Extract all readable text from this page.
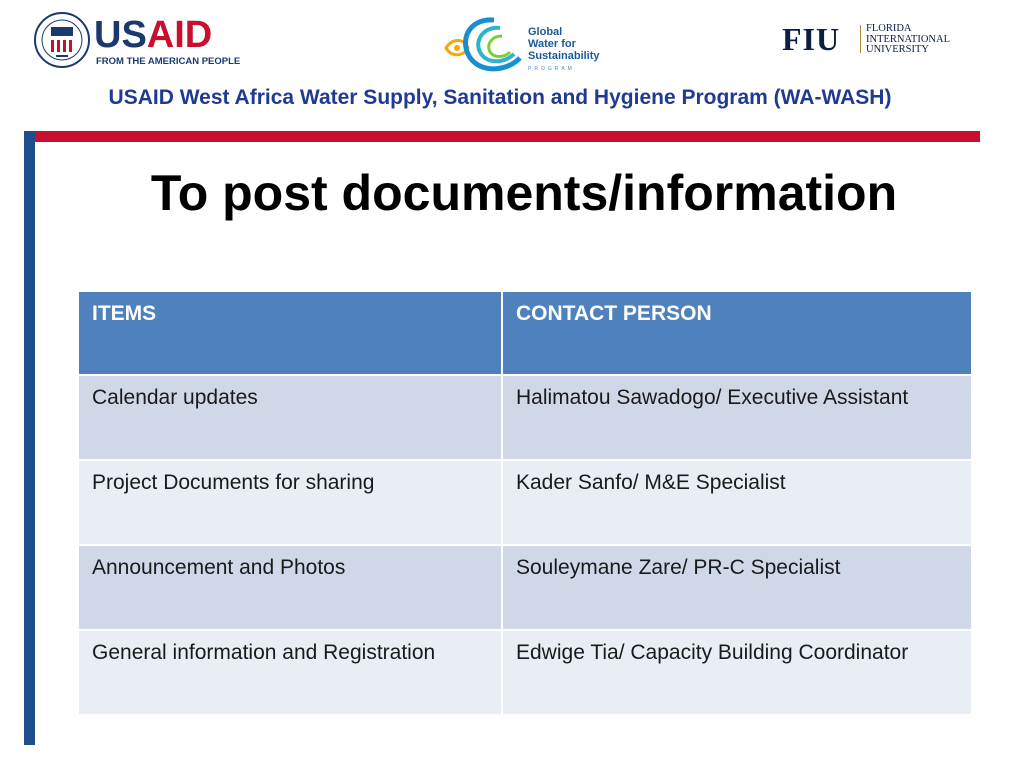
USAID
FROM THE AMERICAN PEOPLE
Global
Water for
Sustainability
PROGRAM
FIU FLORIDA
INTERNATIONAL
UNIVERSITY
USAID West Africa Water Supply, Sanitation and Hygiene Program (WA-WASH)
To post documents/information
ITEMS	CONTACT PERSON
Calendar updates	Halimatou Sawadogo/ Executive Assistant
Project Documents for sharing	Kader Sanfo/ M&E Specialist
Announcement and Photos	Souleymane Zare/ PR-C Specialist
General information and Registration	Edwige Tia/ Capacity Building Coordinator
